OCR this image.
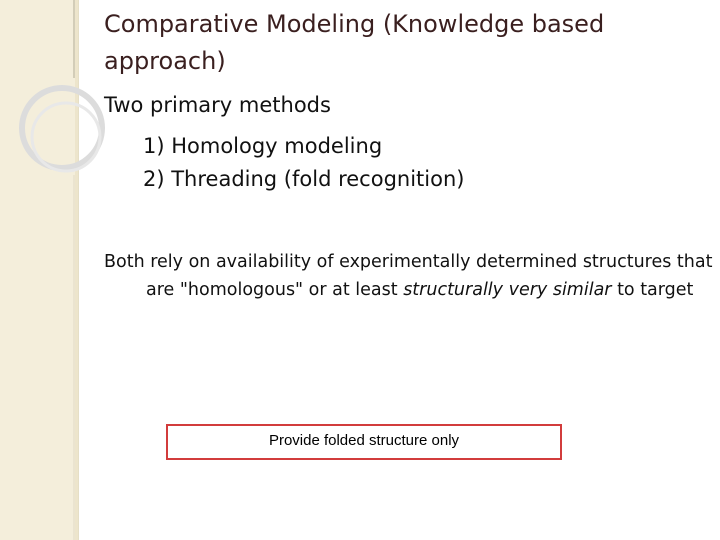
Comparative Modeling (Knowledge based approach)
Two primary methods
1) Homology modeling
2) Threading (fold recognition)
Both rely on availability of experimentally determined structures that are "homologous" or at least structurally very similar to target
Provide folded structure only
